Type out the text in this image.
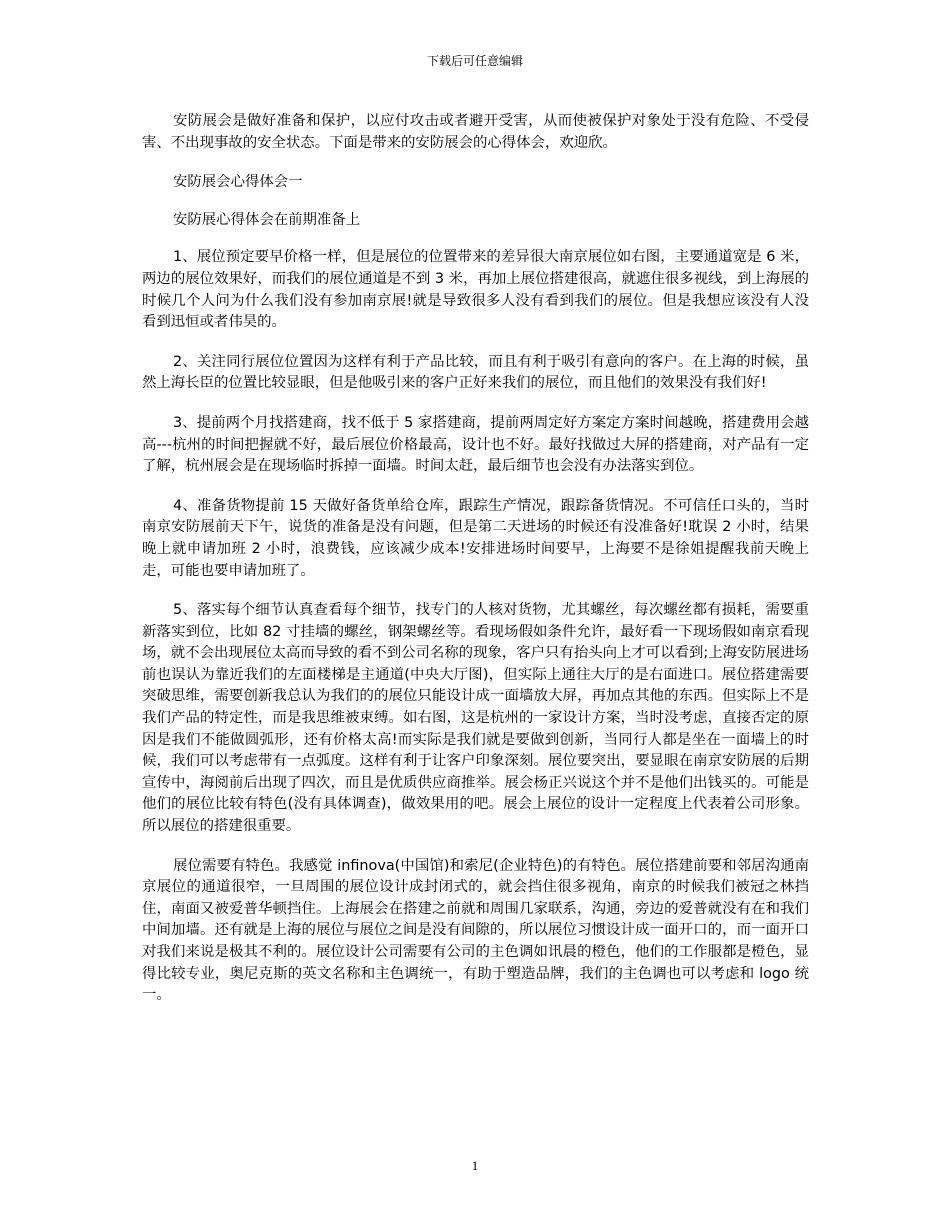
下载后可任意编辑

安防展会是做好准备和保护，以应付攻击或者避开受害，从而使被保护对象处于没有危险、不受侵害、不出现事故的安全状态。下面是带来的安防展会的心得体会，欢迎欣。

安防展会心得体会一

安防展心得体会在前期准备上

1、展位预定要早价格一样，但是展位的位置带来的差异很大南京展位如右图，主要通道宽是 6 米，两边的展位效果好，而我们的展位通道是不到 3 米，再加上展位搭建很高，就遮住很多视线，到上海展的时候几个人问为什么我们没有参加南京展!就是导致很多人没有看到我们的展位。但是我想应该没有人没看到迅恒或者伟昊的。

2、关注同行展位位置因为这样有利于产品比较，而且有利于吸引有意向的客户。在上海的时候，虽然上海长臣的位置比较显眼，但是他吸引来的客户正好来我们的展位，而且他们的效果没有我们好!

3、提前两个月找搭建商，找不低于 5 家搭建商，提前两周定好方案定方案时间越晚，搭建费用会越高---杭州的时间把握就不好，最后展位价格最高，设计也不好。最好找做过大屏的搭建商，对产品有一定了解，杭州展会是在现场临时拆掉一面墙。时间太赶，最后细节也会没有办法落实到位。

4、准备货物提前 15 天做好备货单给仓库，跟踪生产情况，跟踪备货情况。不可信任口头的，当时南京安防展前天下午，说货的准备是没有问题，但是第二天进场的时候还有没准备好!耽误 2 小时，结果晚上就申请加班 2 小时，浪费钱，应该减少成本!安排进场时间要早，上海要不是徐姐提醒我前天晚上走，可能也要申请加班了。

5、落实每个细节认真查看每个细节，找专门的人核对货物，尤其螺丝，每次螺丝都有损耗，需要重新落实到位，比如 82 寸挂墙的螺丝，钢架螺丝等。看现场假如条件允许，最好看一下现场假如南京看现场，就不会出现展位太高而导致的看不到公司名称的现象，客户只有抬头向上才可以看到;上海安防展进场前也误认为靠近我们的左面楼梯是主通道(中央大厅图)，但实际上通往大厅的是右面进口。展位搭建需要突破思维，需要创新我总认为我们的的展位只能设计成一面墙放大屏，再加点其他的东西。但实际上不是我们产品的特定性，而是我思维被束缚。如右图，这是杭州的一家设计方案，当时没考虑，直接否定的原因是我们不能做圆弧形，还有价格太高!而实际是我们就是要做到创新，当同行人都是坐在一面墙上的时候，我们可以考虑带有一点弧度。这样有利于让客户印象深刻。展位要突出，要显眼在南京安防展的后期宣传中，海阅前后出现了四次，而且是优质供应商推举。展会杨正兴说这个并不是他们出钱买的。可能是他们的展位比较有特色(没有具体调查)，做效果用的吧。展会上展位的设计一定程度上代表着公司形象。所以展位的搭建很重要。

展位需要有特色。我感觉 infinova(中国馆)和索尼(企业特色)的有特色。展位搭建前要和邻居沟通南京展位的通道很窄，一旦周围的展位设计成封闭式的，就会挡住很多视角，南京的时候我们被冠之林挡住，南面又被爱普华顿挡住。上海展会在搭建之前就和周围几家联系，沟通，旁边的爱普就没有在和我们中间加墙。还有就是上海的展位与展位之间是没有间隙的，所以展位习惯设计成一面开口的，而一面开口对我们来说是极其不利的。展位设计公司需要有公司的主色调如讯晨的橙色，他们的工作服都是橙色，显得比较专业，奥尼克斯的英文名称和主色调统一，有助于塑造品牌，我们的主色调也可以考虑和 logo 统一。

1
